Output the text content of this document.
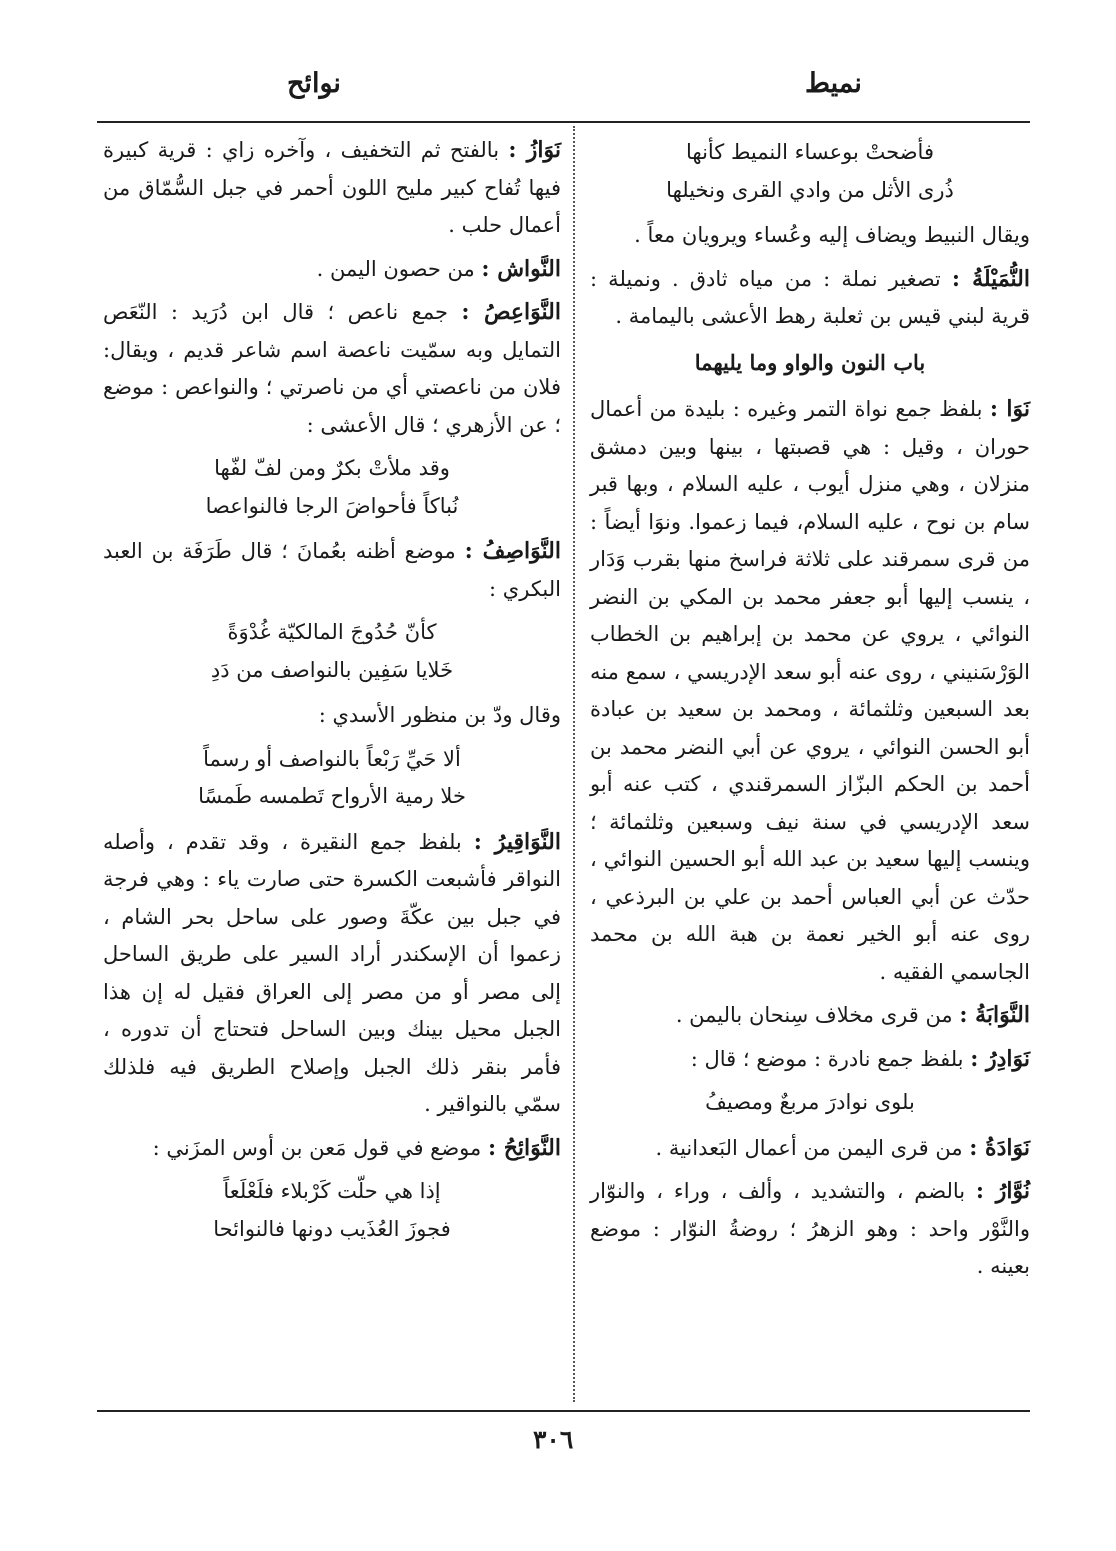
نميط
نوائح
فأضحتْ بوعساء النميط كأنها
ذُرى الأثل من وادي القرى ونخيلها

ويقال النبيط ويضاف إليه وعُساء ويرويان معاً .

النُّمَيْلَةُ : تصغير نملة : من مياه ثادق . ونميلة : قرية لبني قيس بن ثعلبة رهط الأعشى باليمامة .

باب النون والواو وما يليهما

نَوَا : بلفظ جمع نواة التمر وغيره : بليدة من أعمال حوران ، وقيل : هي قصبتها ، بينها وبين دمشق منزلان ، وهي منزل أيوب ، عليه السلام ، وبها قبر سام بن نوح ، عليه السلام، فيما زعموا. ونوَا أيضاً : من قرى سمرقند على ثلاثة فراسخ منها بقرب وَدَار ، ينسب إليها أبو جعفر محمد بن المكي بن النضر النوائي ، يروي عن محمد بن إبراهيم بن الخطاب الوَرْسَنيني ، روى عنه أبو سعد الإدريسي ، سمع منه بعد السبعين وثلثمائة ، ومحمد بن سعيد بن عبادة أبو الحسن النوائي ، يروي عن أبي النضر محمد بن أحمد بن الحكم البزّاز السمرقندي ، كتب عنه أبو سعد الإدريسي في سنة نيف وسبعين وثلثمائة ؛ وينسب إليها سعيد بن عبد الله أبو الحسين النوائي ، حدّث عن أبي العباس أحمد بن علي بن البرذعي ، روى عنه أبو الخير نعمة بن هبة الله بن محمد الجاسمي الفقيه .

النَّوَابَةُ : من قرى مخلاف سِنحان باليمن .

نَوَادِرُ : بلفظ جمع نادرة : موضع ؛ قال :

بلوى نوادرَ مربعٌ ومصيفُ

نَوَادَةُ : من قرى اليمن من أعمال البَعدانية .

نُوَّارُ : بالضم ، والتشديد ، وألف ، وراء ، والنوّار والنَّوْر واحد : وهو الزهرُ ؛ روضةُ النوّار : موضع بعينه .

نَوَازُ : بالفتح ثم التخفيف ، وآخره زاي : قرية كبيرة فيها تُفاح كبير مليح اللون أحمر في جبل السُّمّاق من أعمال حلب .

النَّواش : من حصون اليمن .

النَّوَاعِصُ : جمع ناعص ؛ قال ابن دُرَيد : النّعَص التمايل وبه سمّيت ناعصة اسم شاعر قديم ، ويقال: فلان من ناعصتي أي من ناصرتي ؛ والنواعص : موضع ؛ عن الأزهري ؛ قال الأعشى :

وقد ملأتْ بكرٌ ومن لفّ لفّها
نُباكاً فأحواضَ الرجا فالنواعصا

النَّوَاصِفُ : موضع أظنه بعُمانَ ؛ قال طَرَفَة بن العبد البكري :

كأنّ حُدُوجَ المالكيّة غُدْوَةً
خَلايا سَفِين بالنواصف من دَدِ

وقال ودّ بن منظور الأسدي :

ألا حَيِّ رَبْعاً بالنواصف أو رسماً
خلا رمية الأرواح تَطمسه طَمسًا

النَّوَاقِيرُ : بلفظ جمع النقيرة ، وقد تقدم ، وأصله النواقر فأشبعت الكسرة حتى صارت ياء : وهي فرجة في جبل بين عكّةَ وصور على ساحل بحر الشام ، زعموا أن الإسكندر أراد السير على طريق الساحل إلى مصر أو من مصر إلى العراق فقيل له إن هذا الجبل محيل بينك وبين الساحل فتحتاج أن تدوره ، فأمر بنقر ذلك الجبل وإصلاح الطريق فيه فلذلك سمّي بالنواقير .

النَّوَائِحُ : موضع في قول مَعن بن أوس المزَني :

إذا هي حلّت كَرْبلاء فلَعْلَعاً
فجوزَ العُذَيب دونها فالنوائحا
٣٠٦
